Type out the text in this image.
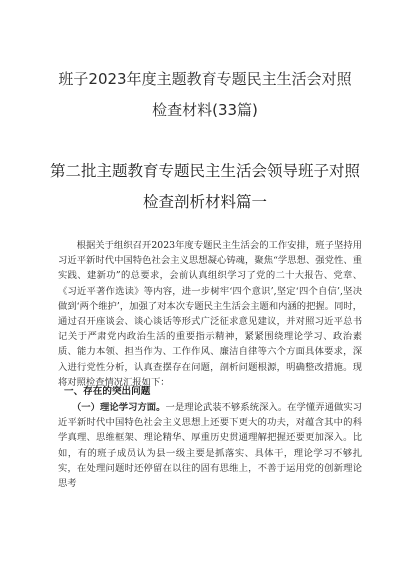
班子2023年度主题教育专题民主生活会对照
检查材料(33篇)
第二批主题教育专题民主生活会领导班子对照
检查剖析材料篇一

根据关于组织召开2023年度专题民主生活会的工作安排，班子坚持用习近平新时代中国特色社会主义思想凝心铸魂，聚焦“学思想、强党性、重实践、建新功”的总要求，会前认真组织学习了党的二十大报告、党章、《习近平著作选读》等内容，进一步树牢‘四个意识’,坚定‘四个自信’,坚决做到‘两个维护’，加强了对本次专题民主生活会主题和内涵的把握。同时，通过召开座谈会、谈心谈话等形式广泛征求意见建议，并对照习近平总书记关于严肃党内政治生活的重要指示精神，紧紧围绕理论学习、政治素质、能力本领、担当作为、工作作风、廉洁自律等六个方面具体要求，深入进行党性分析，认真查摆存在问题，剖析问题根源，明确整改措施。现将对照检查情况汇报如下：

一、存在的突出问题

（一）理论学习方面。一是理论武装不够系统深入。在学懂弄通做实习近平新时代中国特色社会主义思想上还要下更大的功夫，对蕴含其中的科学真理、思维框架、理论精华、厚重历史贯通理解把握还要更加深入。比如，有的班子成员认为县一级主要是抓落实、具体干，理论学习不够扎实，在处理问题时还停留在以往的固有思维上，不善于运用党的创新理论思考
